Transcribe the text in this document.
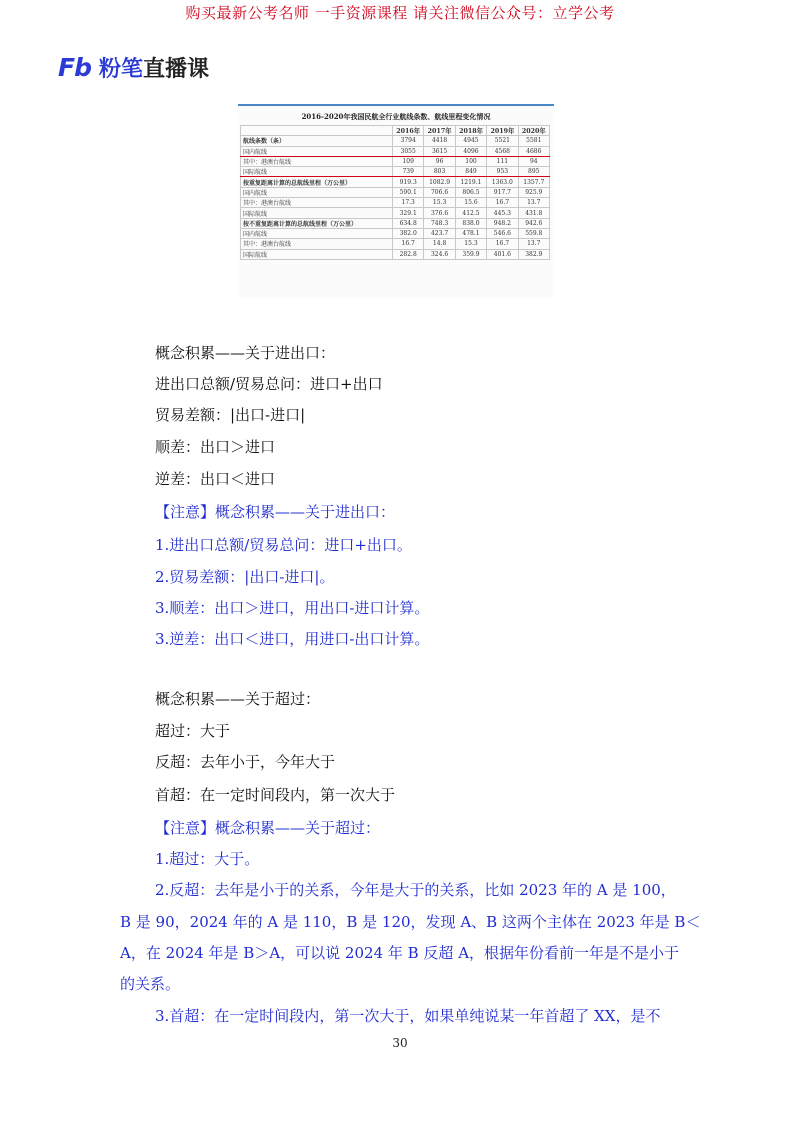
购买最新公考名师 一手资源课程 请关注微信公众号：立学公考
Fb 粉笔直播课
2016-2020年我国民航全行业航线条数、航线里程变化情况
	2016年	2017年	2018年	2019年	2020年
航线条数（条）	3794	4418	4945	5521	5581
国内航线	3055	3615	4096	4568	4686
其中：港澳台航线	109	96	100	111	94
国际航线	739	803	849	953	895
按重复距离计算的总航线里程（万公里）	919.3	1082.9	1219.1	1363.0	1357.7
国内航线	590.1	706.6	806.5	917.7	925.9
其中：港澳台航线	17.3	15.3	15.6	16.7	13.7
国际航线	329.1	376.6	412.5	445.3	431.8
按不重复距离计算的总航线里程（万公里）	634.8	748.3	838.0	948.2	942.6
国内航线	382.0	423.7	478.1	546.6	559.8
其中：港澳台航线	16.7	14.8	15.3	16.7	13.7
国际航线	282.8	324.6	359.9	401.6	382.9
概念积累——关于进出口：
进出口总额/贸易总问：进口+出口
贸易差额：|出口-进口|
顺差：出口＞进口
逆差：出口＜进口
【注意】概念积累——关于进出口：
1.进出口总额/贸易总问：进口+出口。
2.贸易差额：|出口-进口|。
3.顺差：出口＞进口，用出口-进口计算。
3.逆差：出口＜进口，用进口-出口计算。
概念积累——关于超过：
超过：大于
反超：去年小于，今年大于
首超：在一定时间段内，第一次大于
【注意】概念积累——关于超过：
1.超过：大于。
2.反超：去年是小于的关系，今年是大于的关系，比如 2023 年的 A 是 100，
B 是 90，2024 年的 A 是 110，B 是 120，发现 A、B 这两个主体在 2023 年是 B＜
A，在 2024 年是 B＞A，可以说 2024 年 B 反超 A，根据年份看前一年是不是小于
的关系。
3.首超：在一定时间段内，第一次大于，如果单纯说某一年首超了 XX，是不
30
